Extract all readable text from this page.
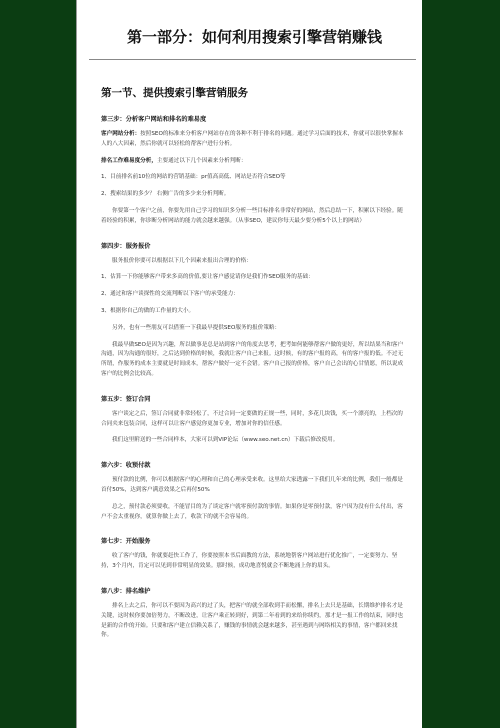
第一部分：如何利用搜索引擎营销赚钱
第一节、提供搜索引擎营销服务
第三步：分析客户网站和排名的难易度
客户网站分析：按照SEO的标准来分析客户网站存在的各种不利于排名的问题。通过学习后面的技术，你就可以很快掌握本人的八大因素，然后你就可以轻松的帮客户进行分析。
排名工作难易度分析，主要通过以下几个因素来分析判断：
1、目前排名前10位的网站的营销基础：pr值高高低、网站是否符合SEO等
2、搜索结果的多少？ 右侧广告的多少来分析判断。
你要第一个客户之前，你要先用自己学习的知识多分析一些目标排名非常好的网站，然后总结一下，积累以下经验。随着经验的积累，你诊断分析网站的能力就会越来越强。（从事SEO，建议你每天最少要分析5个以上的网站）
第四步：服务报价
服务报价你要可以根据以下几个因素来报出合理的价格：
1、估算一下你能够客户带来多高的价值,要让客户感觉请你是我们作SEO服务的基础：
2、通过和客户谈探性的交流判断以下客户的承受能力：
3、根据你自己的做的工作量的大小。
另外，也有一些朋友可以借鉴一下我最早提供SEO服务的报价策略：
我最早做SEO是因为兴趣，所以做事是总是站到客户的角度去思考，把考如何能够帮客户做的更好，所以结果当和客户沟通，因为沟通的很好，之后达到价格的时候，我就让客户自己来报。这时候，有的客户报的高，有的客户报的低。不过无所谓，作服务的成本主要就是时间成本，帮客户做好一定不会错。客户自己报的价格，客户自己会出的心甘情愿，所以说成客户的比例会比较高。
第五步：签订合同
客户谈定之后，签订合同就非常轻松了，不过合同一定要做的正规一些，同时，多花几块钱，买一个漂亮的，上档次的合同夹来包装合同，这样可以让客户感觉你更加专业，增加对你的信任感。
我们这里附送的一些合同样本，大家可以到VIP论坛（www.seo.net.cn）下载后修改使用。
第六步：收预付款
预付款的比例，你可以根据客户的心理和自己的心理承受来收。这里给大家透露一下我们几年来的比例，我们一般都是首付50%，达到客户满意效果之后再付50%
总之，预付款必须要收，不能冒目的为了谈定客户就零预付款的事情。如果你是零预付款，客户因为没有什么付出，客户不会太重视你，就算你做上去了，收款下的就不会容易的。
第七步：开始服务
收了客户的钱，你就要赶快工作了，你要按照本书后面教的方法，系统地帮客户网站进行优化推广，一定要努力、坚持，3个月内，肯定可以见到非常明显的效果。那时候，成功地喜悦就会不断地涌上你的眉头。
第八步：排名维护
排名上去之后，你可以不要因为高兴的过了头，把客户的就全部收到手而松懈，排名上去只是基础，长期维护排名才是关键，这时候你要加倍努力，不断改进，让客户乘正转到好，到第二年看到的来给你续约，那才是一报工作的结束，同时也是新的合作的开始。只要和客户建立信赖关系了，赚钱的事情就会越来越多，甚至遇到与网络相关的事情，客户都回来找你。
